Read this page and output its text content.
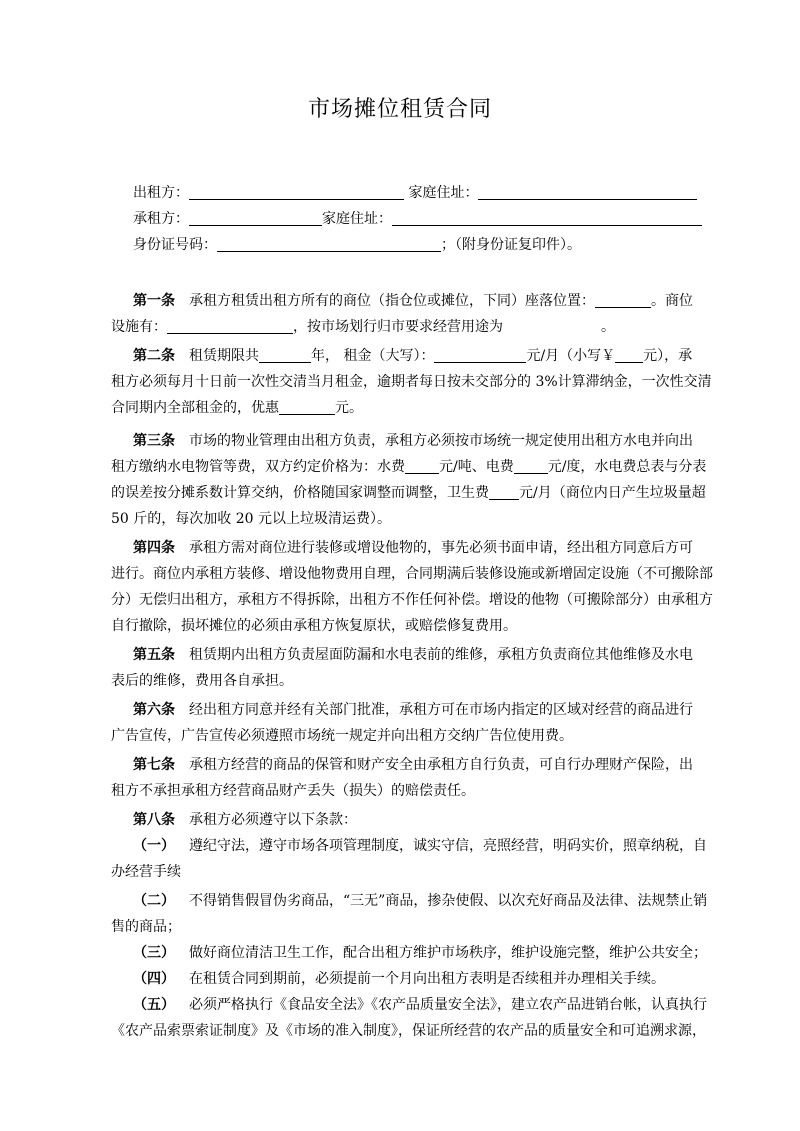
市场摊位租赁合同
出租方：	家庭住址：
承租方：	家庭住址：
身份证号码：	；（附身份证复印件）。
第一条 承租方租赁出租方所有的商位（指仓位或摊位，下同）座落位置：	。商位
设施有：	，按市场划行归市要求经营用途为	。
第二条 租赁期限共	年， 租金（大写）：	元/月（小写￥ 元），承
租方必须每月十日前一次性交清当月租金，逾期者每日按未交部分的 3%计算滞纳金，一次性交清
合同期内全部租金的，优惠	元。
第三条 市场的物业管理由出租方负责，承租方必须按市场统一规定使用出租方水电并向出
租方缴纳水电物管等费，双方约定价格为：水费 元/吨、电费 元/度，水电费总表与分表
的误差按分摊系数计算交纳，价格随国家调整而调整，卫生费 元/月（商位内日产生垃圾量超
50 斤的，每次加收 20 元以上垃圾清运费）。
第四条 承租方需对商位进行装修或增设他物的，事先必须书面申请，经出租方同意后方可
进行。商位内承租方装修、增设他物费用自理，合同期满后装修设施或新增固定设施（不可搬除部
分）无偿归出租方，承租方不得拆除，出租方不作任何补偿。增设的他物（可搬除部分）由承租方
自行撤除，损坏摊位的必须由承租方恢复原状，或赔偿修复费用。
第五条 租赁期内出租方负责屋面防漏和水电表前的维修，承租方负责商位其他维修及水电
表后的维修，费用各自承担。
第六条 经出租方同意并经有关部门批准，承租方可在市场内指定的区域对经营的商品进行
广告宣传，广告宣传必须遵照市场统一规定并向出租方交纳广告位使用费。
第七条 承租方经营的商品的保管和财产安全由承租方自行负责，可自行办理财产保险，出
租方不承担承租方经营商品财产丢失（损失）的赔偿责任。
第八条 承租方必须遵守以下条款：
（一） 遵纪守法，遵守市场各项管理制度，诚实守信，亮照经营，明码实价，照章纳税，自
办经营手续
（二） 不得销售假冒伪劣商品，“三无”商品，掺杂使假、以次充好商品及法律、法规禁止销
售的商品；
（三） 做好商位清洁卫生工作，配合出租方维护市场秩序，维护设施完整，维护公共安全；
（四） 在租赁合同到期前，必须提前一个月向出租方表明是否续租并办理相关手续。
（五） 必须严格执行《食品安全法》《农产品质量安全法》，建立农产品进销台帐，认真执行
《农产品索票索证制度》及《市场的准入制度》，保证所经营的农产品的质量安全和可追溯求源，
